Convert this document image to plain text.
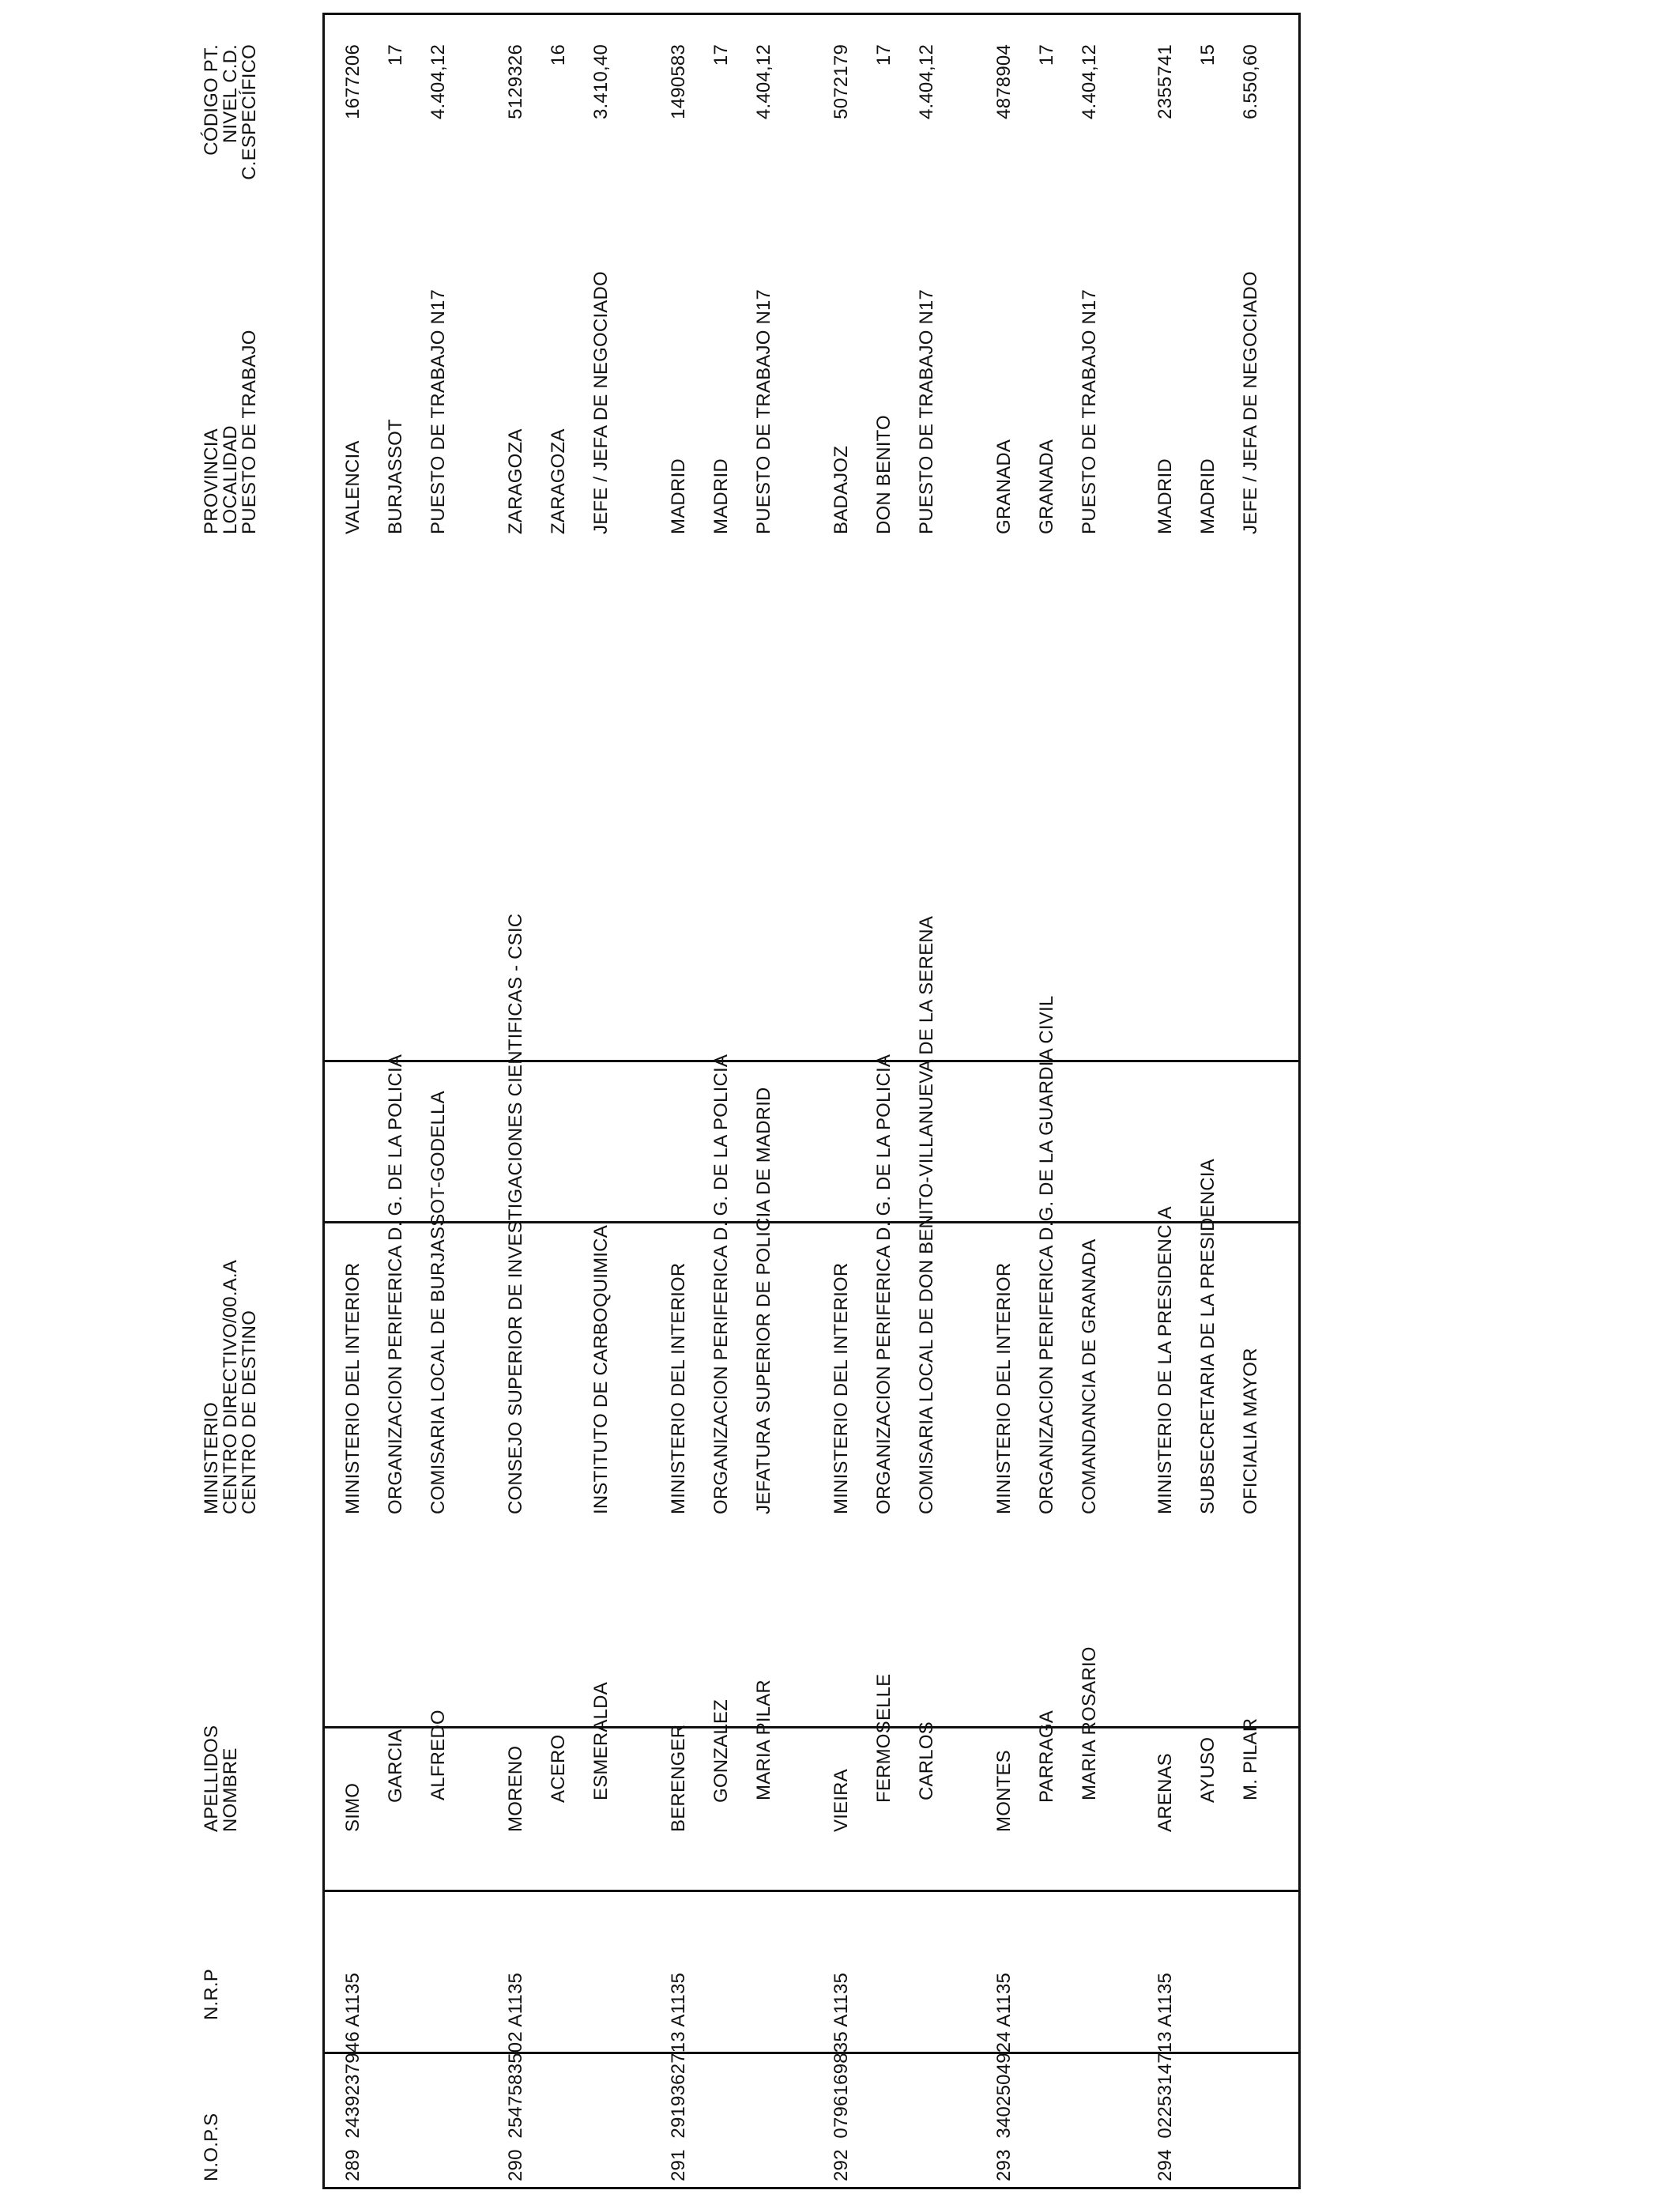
N.O.P.S
N.R.P
APELLIDOS
NOMBRE
MINISTERIO
CENTRO DIRECTIVO/00.A.A
CENTRO DE DESTINO
PROVINCIA
LOCALIDAD
PUESTO DE TRABAJO
CÓDIGO PT.
NIVEL C.D.
C.ESPECÍFICO
289  2439237946 A1135
SIMO
GARCIA ALFREDO
MINISTERIO DEL INTERIOR ORGANIZACION PERIFERICA D. G. DE LA POLICIA COMISARIA LOCAL DE BURJASSOT-GODELLA
VALENCIA BURJASSOT PUESTO DE TRABAJO N17
1677206 17 4.404,12
290  2547583502 A1135
MORENO ACERO ESMERALDA
CONSEJO SUPERIOR DE INVESTIGACIONES CIENTIFICAS - CSIC	INSTITUTO DE CARBOQUIMICA
ZARAGOZA ZARAGOZA JEFE / JEFA DE NEGOCIADO
5129326 16 3.410,40
291  2919362713 A1135
BERENGER GONZALEZ MARIA PILAR
MINISTERIO DEL INTERIOR ORGANIZACION PERIFERICA D. G. DE LA POLICIA JEFATURA SUPERIOR DE POLICIA DE MADRID
MADRID MADRID PUESTO DE TRABAJO N17
1490583 17 4.404,12
292  0796169835 A1135
VIEIRA FERMOSELLE CARLOS
MINISTERIO DEL INTERIOR ORGANIZACION PERIFERICA D. G. DE LA POLICIA COMISARIA LOCAL DE DON BENITO-VILLANUEVA DE LA SERENA
BADAJOZ DON BENITO PUESTO DE TRABAJO N17
5072179 17 4.404,12
293  3402504924 A1135
MONTES PARRAGA MARIA ROSARIO
MINISTERIO DEL INTERIOR ORGANIZACION PERIFERICA D.G. DE LA GUARDIA CIVIL COMANDANCIA DE GRANADA
GRANADA GRANADA PUESTO DE TRABAJO N17
4878904 17 4.404,12
294  0225314713 A1135
ARENAS AYUSO M. PILAR
MINISTERIO DE LA PRESIDENCIA SUBSECRETARIA DE LA PRESIDENCIA OFICIALIA MAYOR
MADRID MADRID JEFE / JEFA DE NEGOCIADO
2355741 15 6.550,60
